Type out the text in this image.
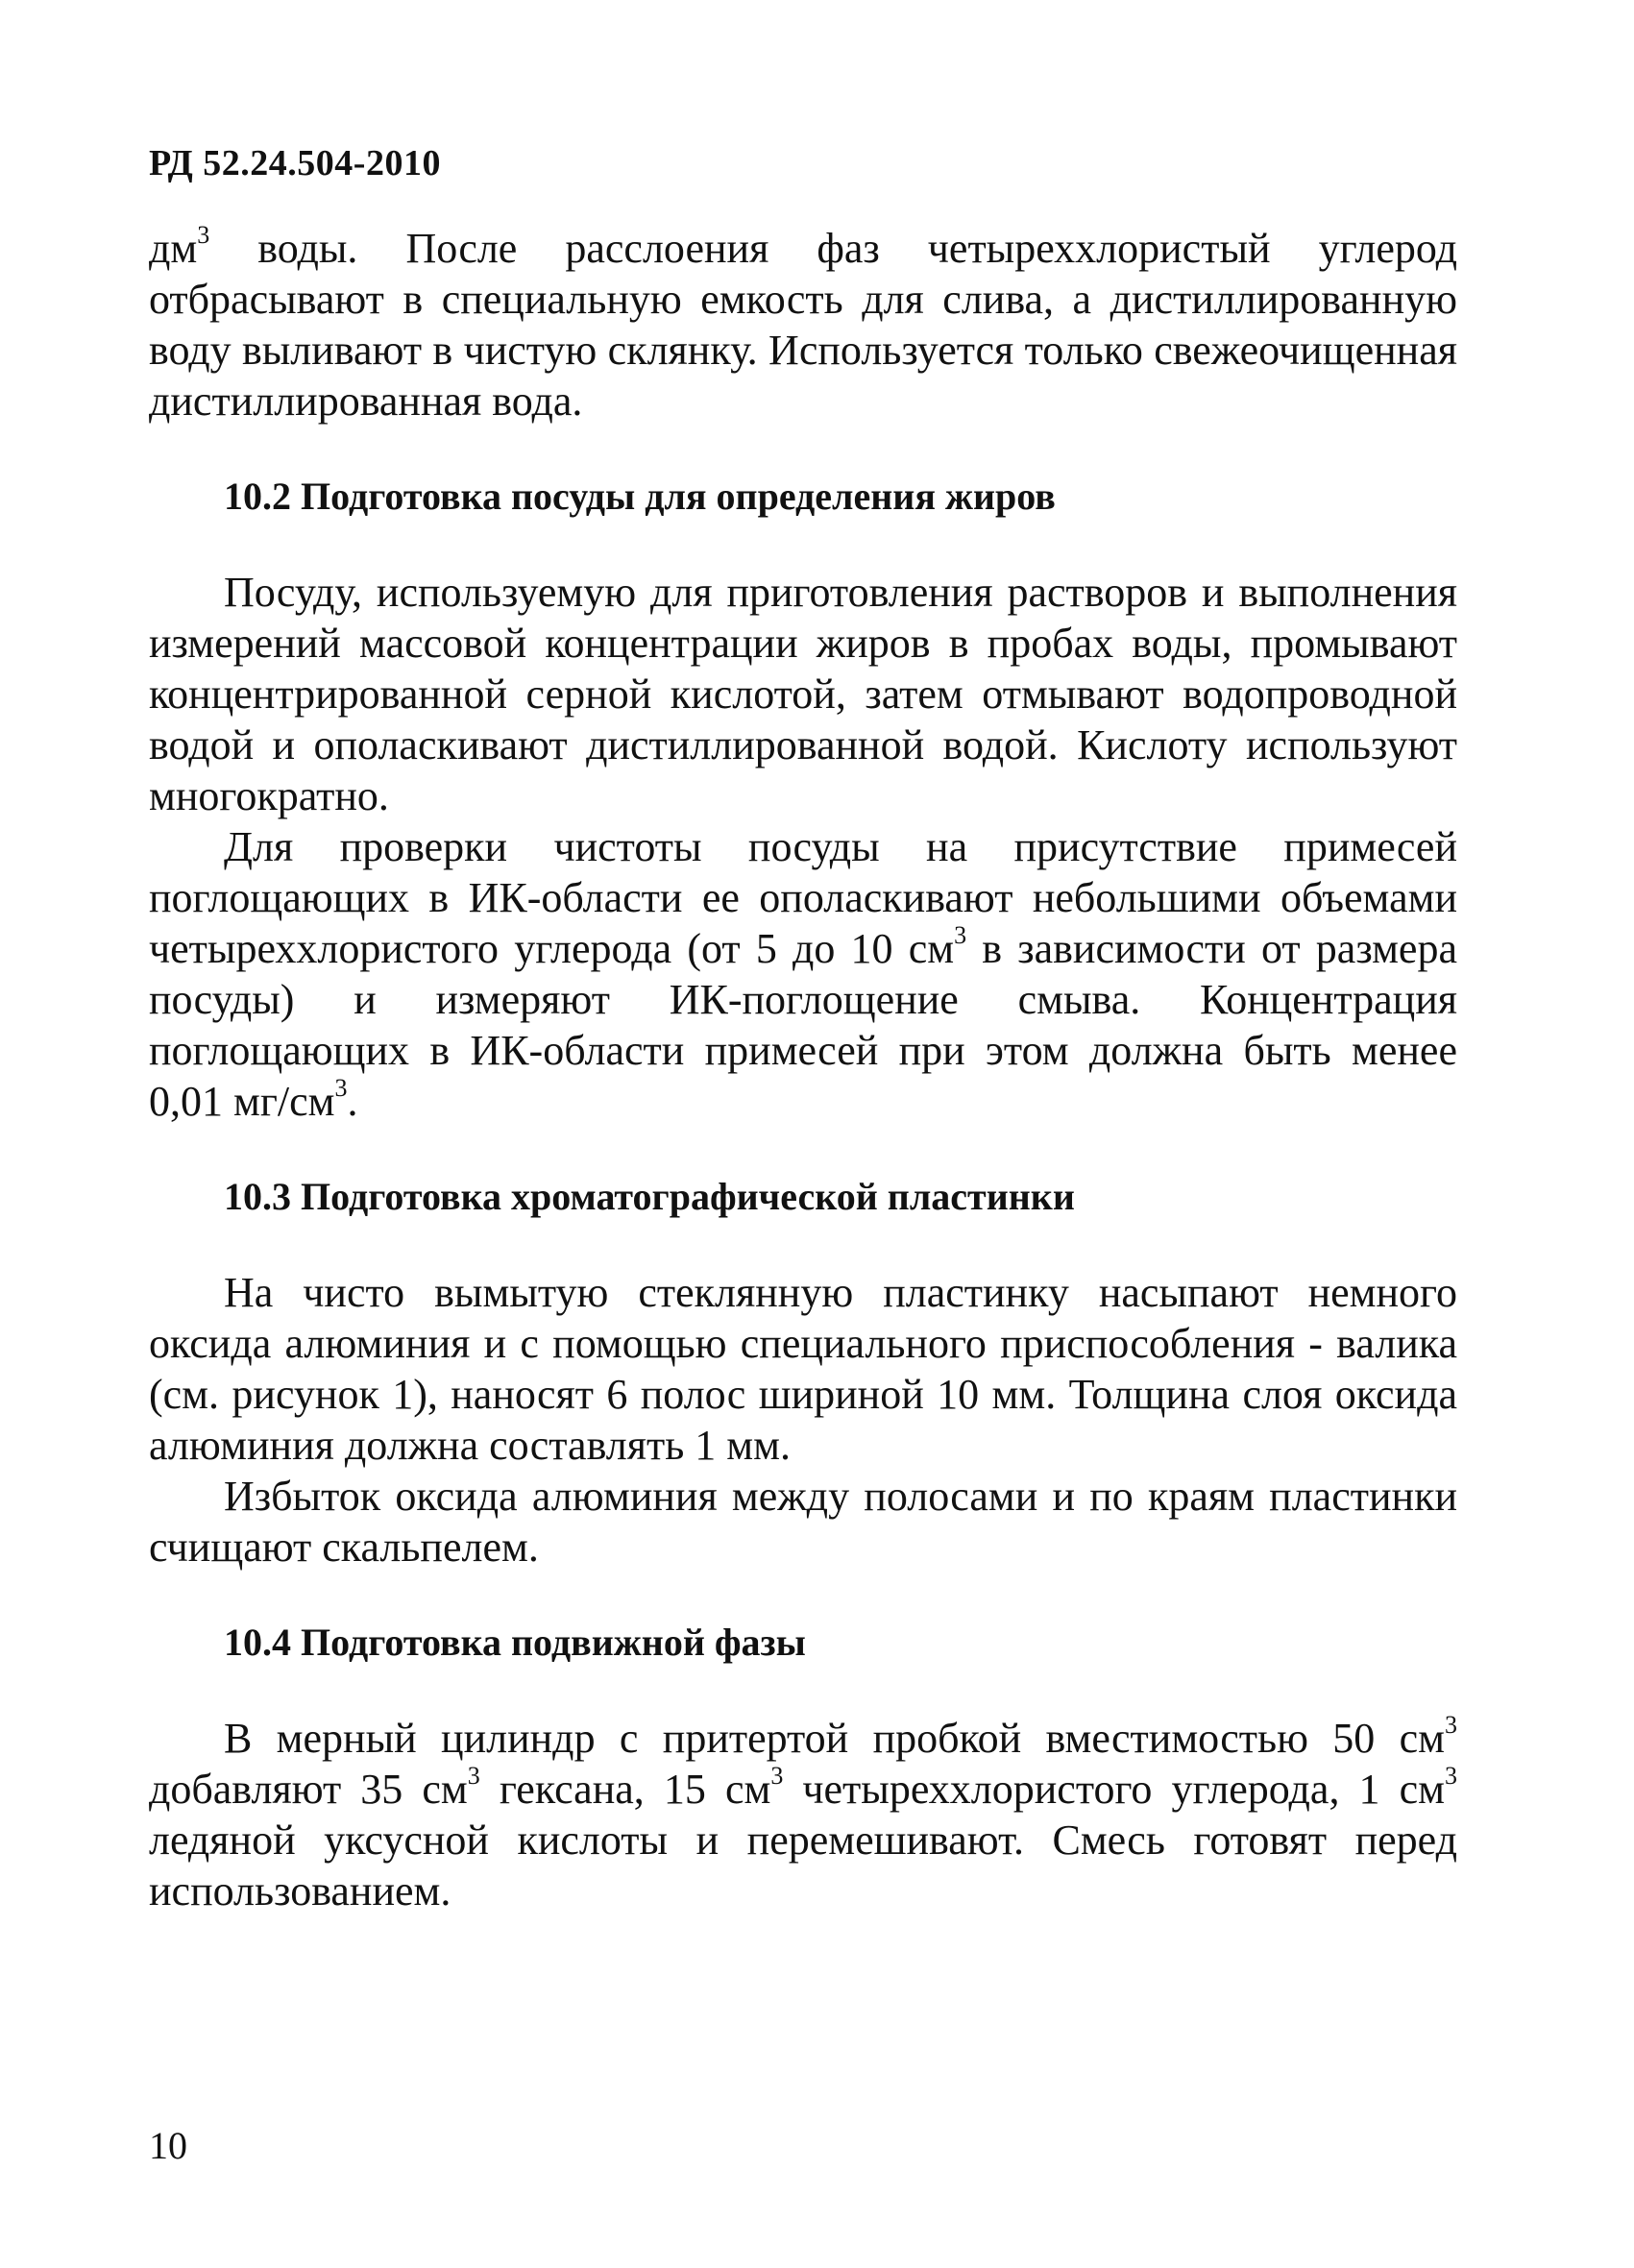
РД 52.24.504-2010

$дм^3$ воды. После расслоения фаз четыреххлористый углерод отбрасывают в специальную емкость для слива, а дистиллированную воду выливают в чистую склянку. Используется только свежеочищенная дистиллированная вода.

10.2 Подготовка посуды для определения жиров

Посуду, используемую для приготовления растворов и выполнения измерений массовой концентрации жиров в пробах воды, промывают концентрированной серной кислотой, затем отмывают водопроводной водой и ополаскивают дистиллированной водой. Кислоту используют многократно.

Для проверки чистоты посуды на присутствие примесей поглощающих в ИК-области ее ополаскивают небольшими объемами четыреххлористого углерода (от 5 до 10 $см^3$ в зависимости от размера посуды) и измеряют ИК-поглощение смыва. Концентрация поглощающих в ИК-области примесей при этом должна быть менее 0,01 $мг/см^3$.

10.3 Подготовка хроматографической пластинки

На чисто вымытую стеклянную пластинку насыпают немного оксида алюминия и с помощью специального приспособления - валика (см. рисунок 1), наносят 6 полос шириной 10 мм. Толщина слоя оксида алюминия должна составлять 1 мм.

Избыток оксида алюминия между полосами и по краям пластинки счищают скальпелем.

10.4 Подготовка подвижной фазы

В мерный цилиндр с притертой пробкой вместимостью 50 $см^3$ добавляют 35 $см^3$ гексана, 15 $см^3$ четыреххлористого углерода, 1 $см^3$ ледяной уксусной кислоты и перемешивают. Смесь готовят перед использованием.

10
